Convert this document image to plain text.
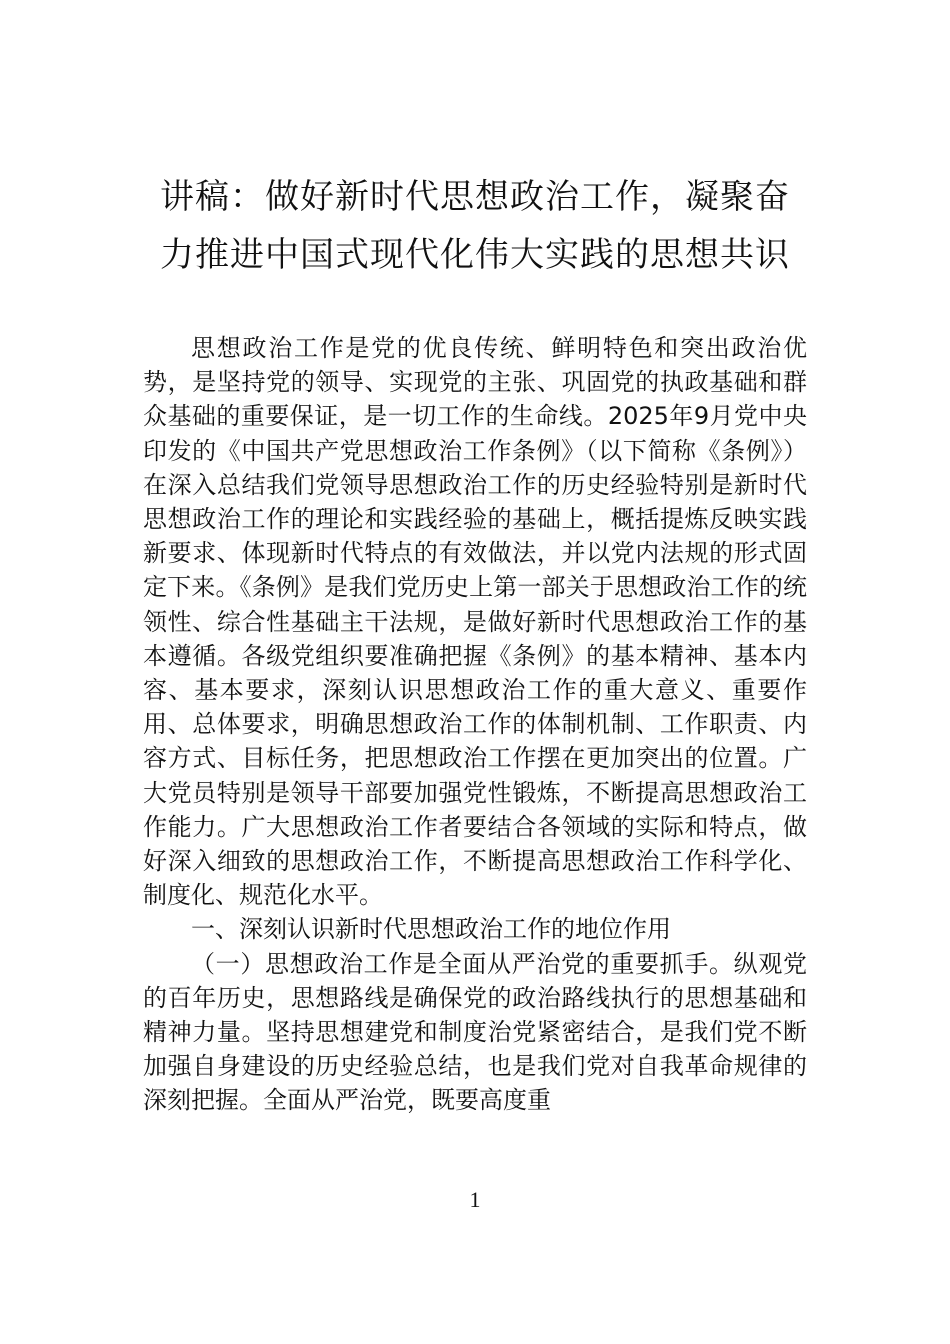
讲稿：做好新时代思想政治工作，凝聚奋
力推进中国式现代化伟大实践的思想共识

思想政治工作是党的优良传统、鲜明特色和突出政治优势，是坚持党的领导、实现党的主张、巩固党的执政基础和群众基础的重要保证，是一切工作的生命线。2025年9月党中央印发的《中国共产党思想政治工作条例》（以下简称《条例》）在深入总结我们党领导思想政治工作的历史经验特别是新时代思想政治工作的理论和实践经验的基础上，概括提炼反映实践新要求、体现新时代特点的有效做法，并以党内法规的形式固定下来。《条例》是我们党历史上第一部关于思想政治工作的统领性、综合性基础主干法规，是做好新时代思想政治工作的基本遵循。各级党组织要准确把握《条例》的基本精神、基本内容、基本要求，深刻认识思想政治工作的重大意义、重要作用、总体要求，明确思想政治工作的体制机制、工作职责、内容方式、目标任务，把思想政治工作摆在更加突出的位置。广大党员特别是领导干部要加强党性锻炼，不断提高思想政治工作能力。广大思想政治工作者要结合各领域的实际和特点，做好深入细致的思想政治工作，不断提高思想政治工作科学化、制度化、规范化水平。

一、深刻认识新时代思想政治工作的地位作用

（一）思想政治工作是全面从严治党的重要抓手。纵观党的百年历史，思想路线是确保党的政治路线执行的思想基础和精神力量。坚持思想建党和制度治党紧密结合，是我们党不断加强自身建设的历史经验总结，也是我们党对自我革命规律的深刻把握。全面从严治党，既要高度重

1
